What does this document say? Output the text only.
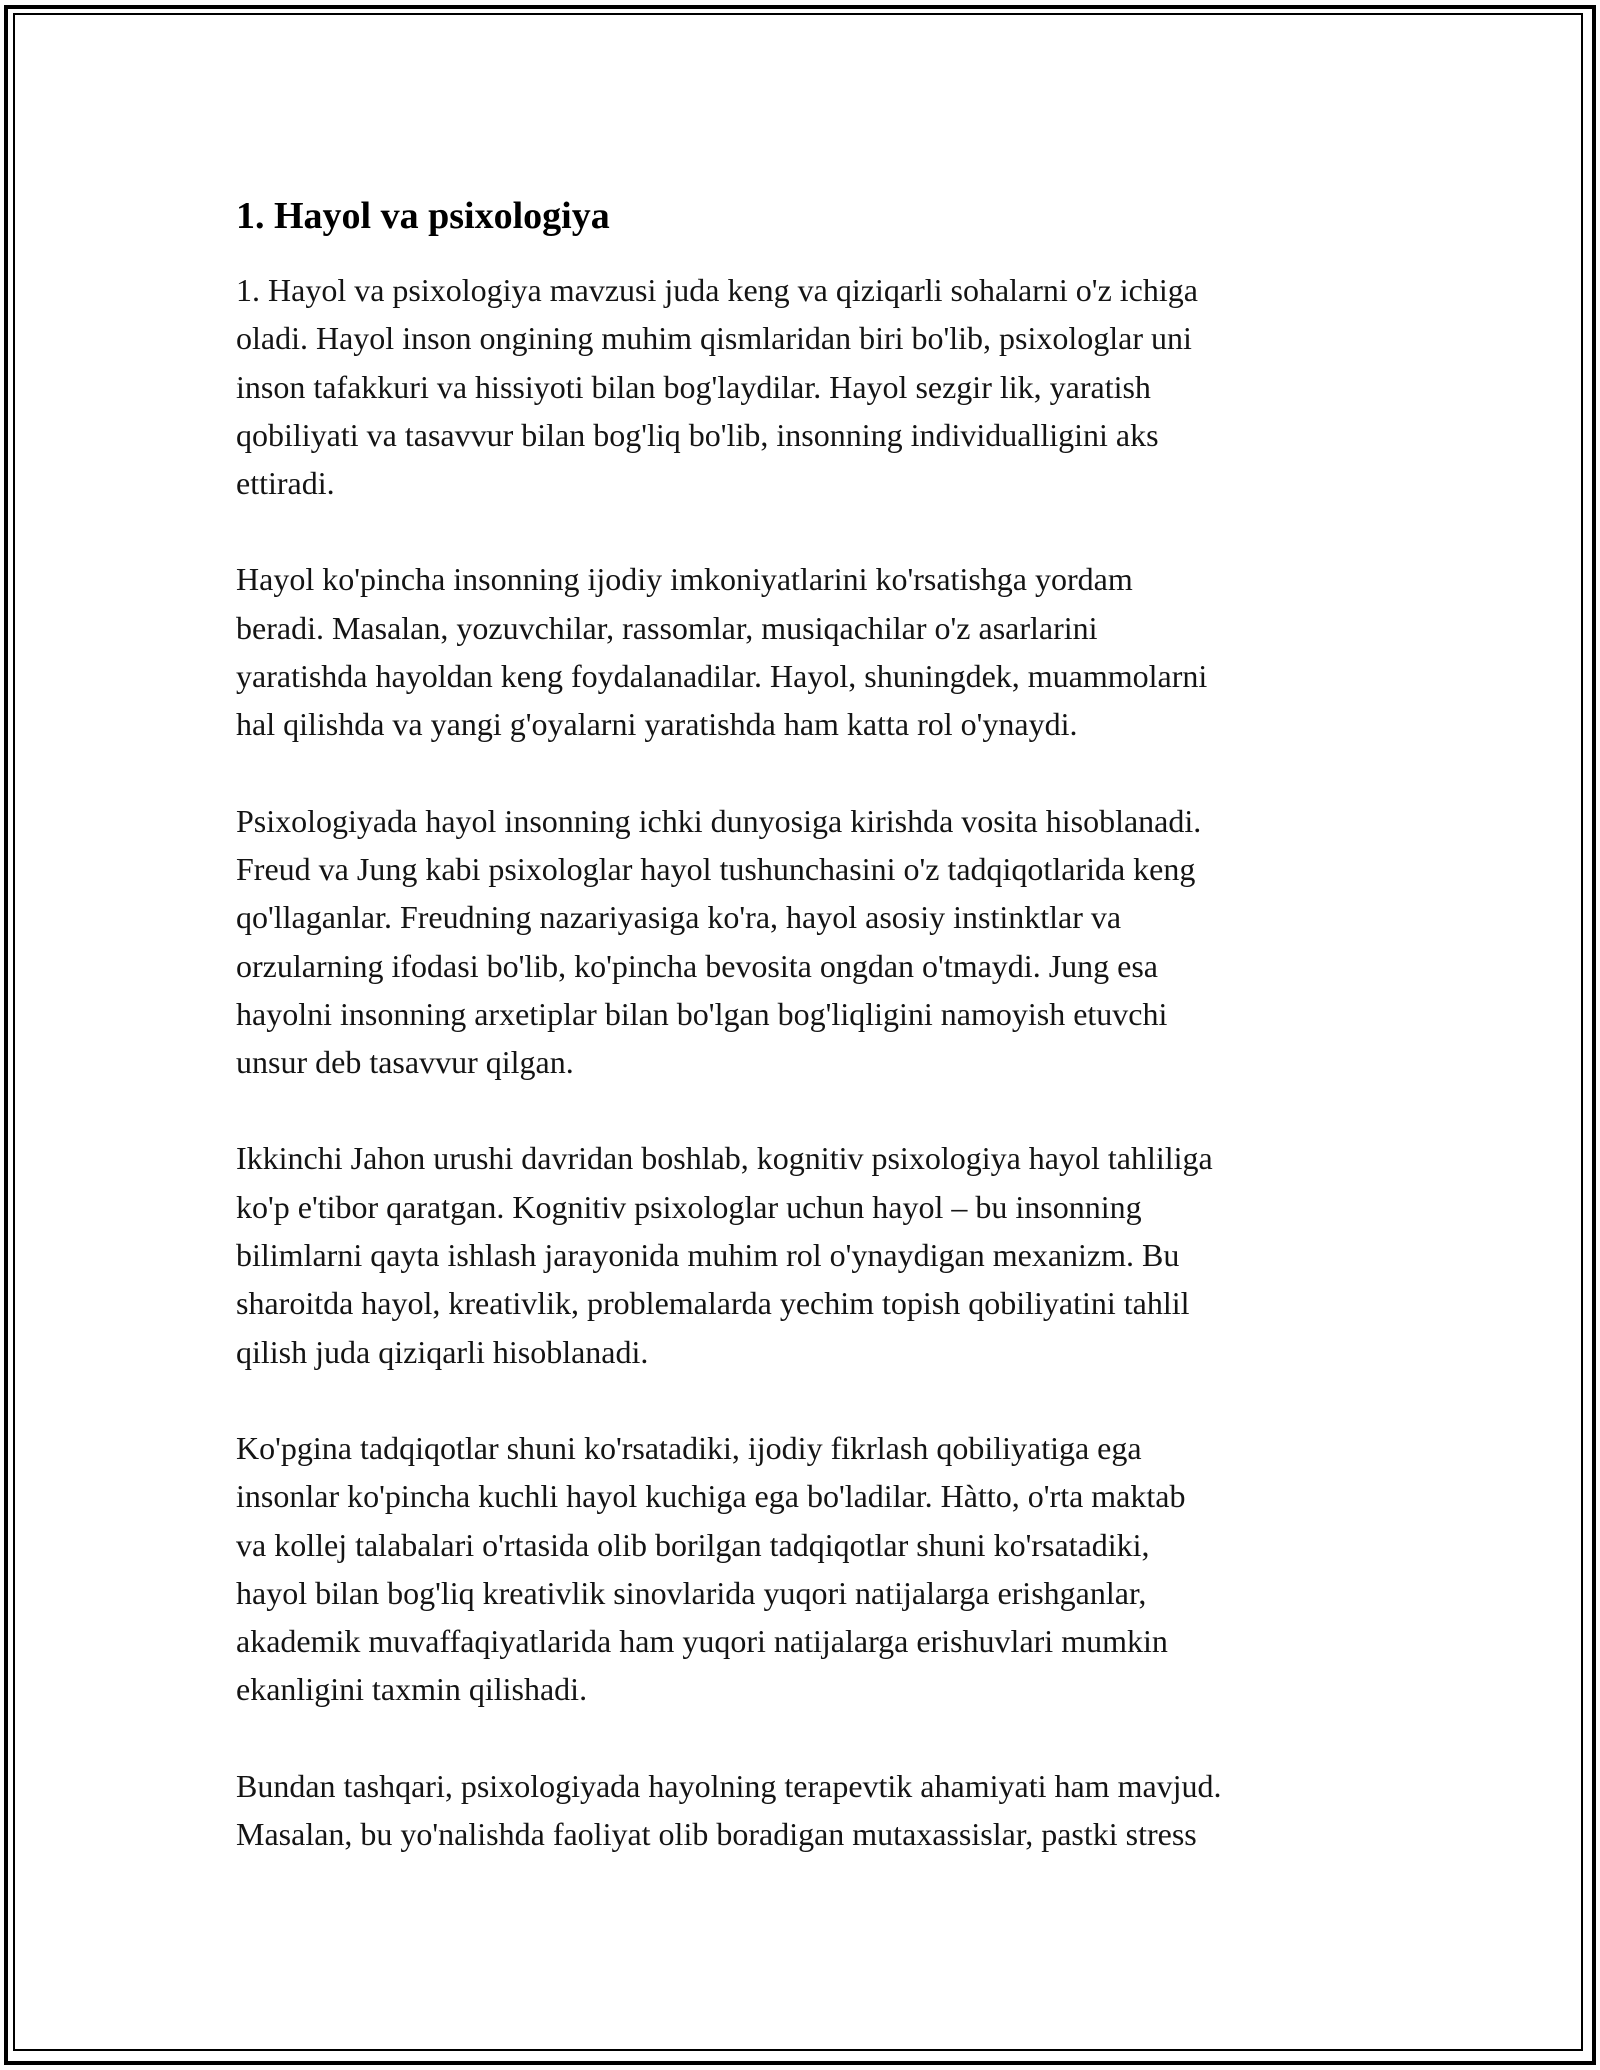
1. Hayol va psixologiya

1. Hayol va psixologiya mavzusi juda keng va qiziqarli sohalarni o'z ichiga
oladi. Hayol inson ongining muhim qismlaridan biri bo'lib, psixologlar uni
inson tafakkuri va hissiyoti bilan bog'laydilar. Hayol sezgir lik, yaratish
qobiliyati va tasavvur bilan bog'liq bo'lib, insonning individualligini aks
ettiradi.

Hayol ko'pincha insonning ijodiy imkoniyatlarini ko'rsatishga yordam
beradi. Masalan, yozuvchilar, rassomlar, musiqachilar o'z asarlarini
yaratishda hayoldan keng foydalanadilar. Hayol, shuningdek, muammolarni
hal qilishda va yangi g'oyalarni yaratishda ham katta rol o'ynaydi.

Psixologiyada hayol insonning ichki dunyosiga kirishda vosita hisoblanadi.
Freud va Jung kabi psixologlar hayol tushunchasini o'z tadqiqotlarida keng
qo'llaganlar. Freudning nazariyasiga ko'ra, hayol asosiy instinktlar va
orzularning ifodasi bo'lib, ko'pincha bevosita ongdan o'tmaydi. Jung esa
hayolni insonning arxetiplar bilan bo'lgan bog'liqligini namoyish etuvchi
unsur deb tasavvur qilgan.

Ikkinchi Jahon urushi davridan boshlab, kognitiv psixologiya hayol tahliliga
ko'p e'tibor qaratgan. Kognitiv psixologlar uchun hayol – bu insonning
bilimlarni qayta ishlash jarayonida muhim rol o'ynaydigan mexanizm. Bu
sharoitda hayol, kreativlik, problemalarda yechim topish qobiliyatini tahlil
qilish juda qiziqarli hisoblanadi.

Ko'pgina tadqiqotlar shuni ko'rsatadiki, ijodiy fikrlash qobiliyatiga ega
insonlar ko'pincha kuchli hayol kuchiga ega bo'ladilar. Hàtto, o'rta maktab
va kollej talabalari o'rtasida olib borilgan tadqiqotlar shuni ko'rsatadiki,
hayol bilan bog'liq kreativlik sinovlarida yuqori natijalarga erishganlar,
akademik muvaffaqiyatlarida ham yuqori natijalarga erishuvlari mumkin
ekanligini taxmin qilishadi.

Bundan tashqari, psixologiyada hayolning terapevtik ahamiyati ham mavjud.
Masalan, bu yo'nalishda faoliyat olib boradigan mutaxassislar, pastki stress
